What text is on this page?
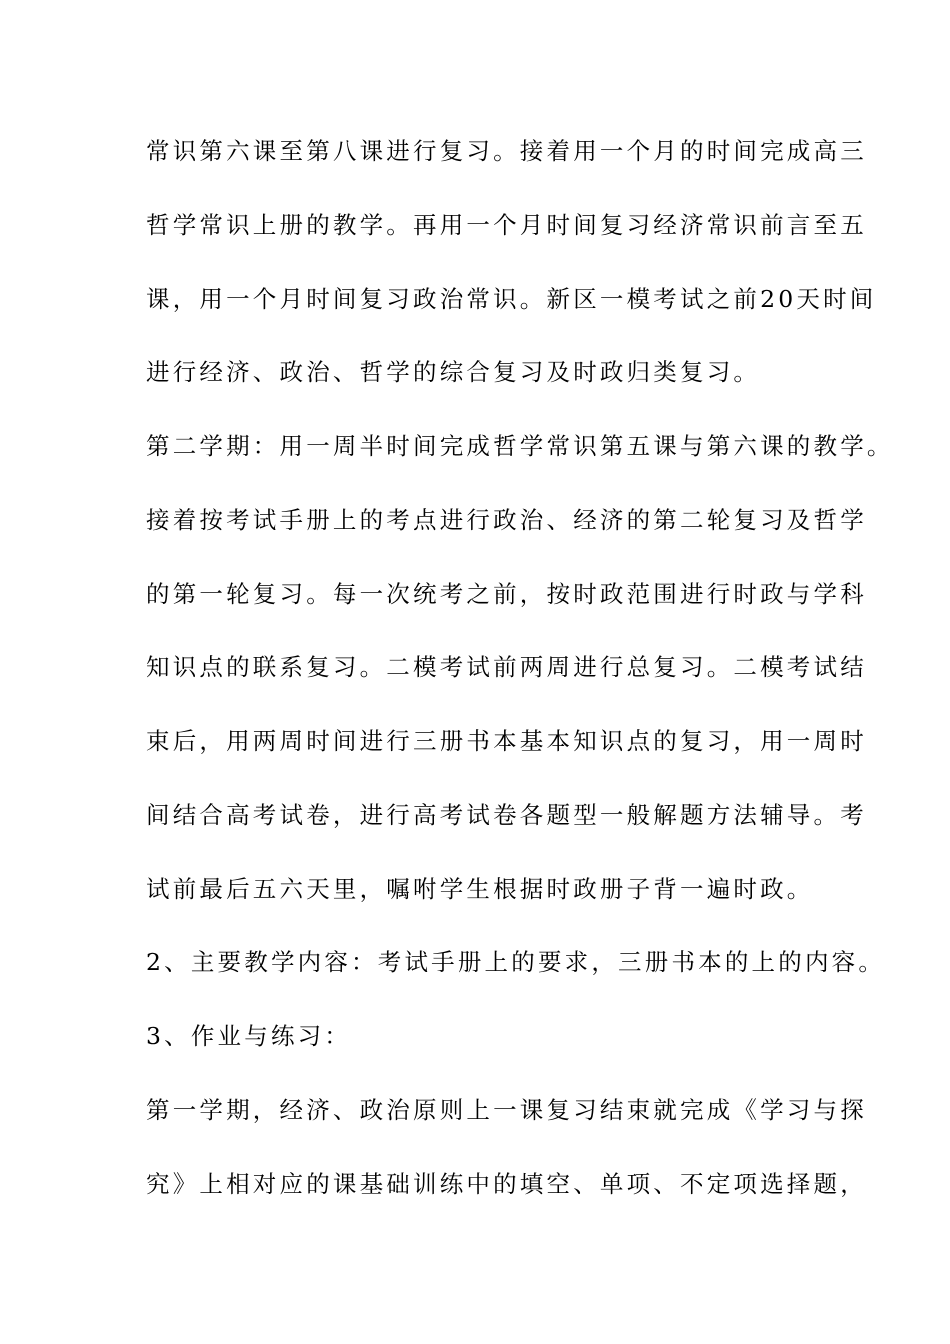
常识第六课至第八课进行复习。接着用一个月的时间完成高三
哲学常识上册的教学。再用一个月时间复习经济常识前言至五
课，用一个月时间复习政治常识。新区一模考试之前20天时间
进行经济、政治、哲学的综合复习及时政归类复习。
第二学期：用一周半时间完成哲学常识第五课与第六课的教学。
接着按考试手册上的考点进行政治、经济的第二轮复习及哲学
的第一轮复习。每一次统考之前，按时政范围进行时政与学科
知识点的联系复习。二模考试前两周进行总复习。二模考试结
束后，用两周时间进行三册书本基本知识点的复习，用一周时
间结合高考试卷，进行高考试卷各题型一般解题方法辅导。考
试前最后五六天里，嘱咐学生根据时政册子背一遍时政。
2、主要教学内容：考试手册上的要求，三册书本的上的内容。
3、作业与练习：
第一学期，经济、政治原则上一课复习结束就完成《学习与探
究》上相对应的课基础训练中的填空、单项、不定项选择题，
